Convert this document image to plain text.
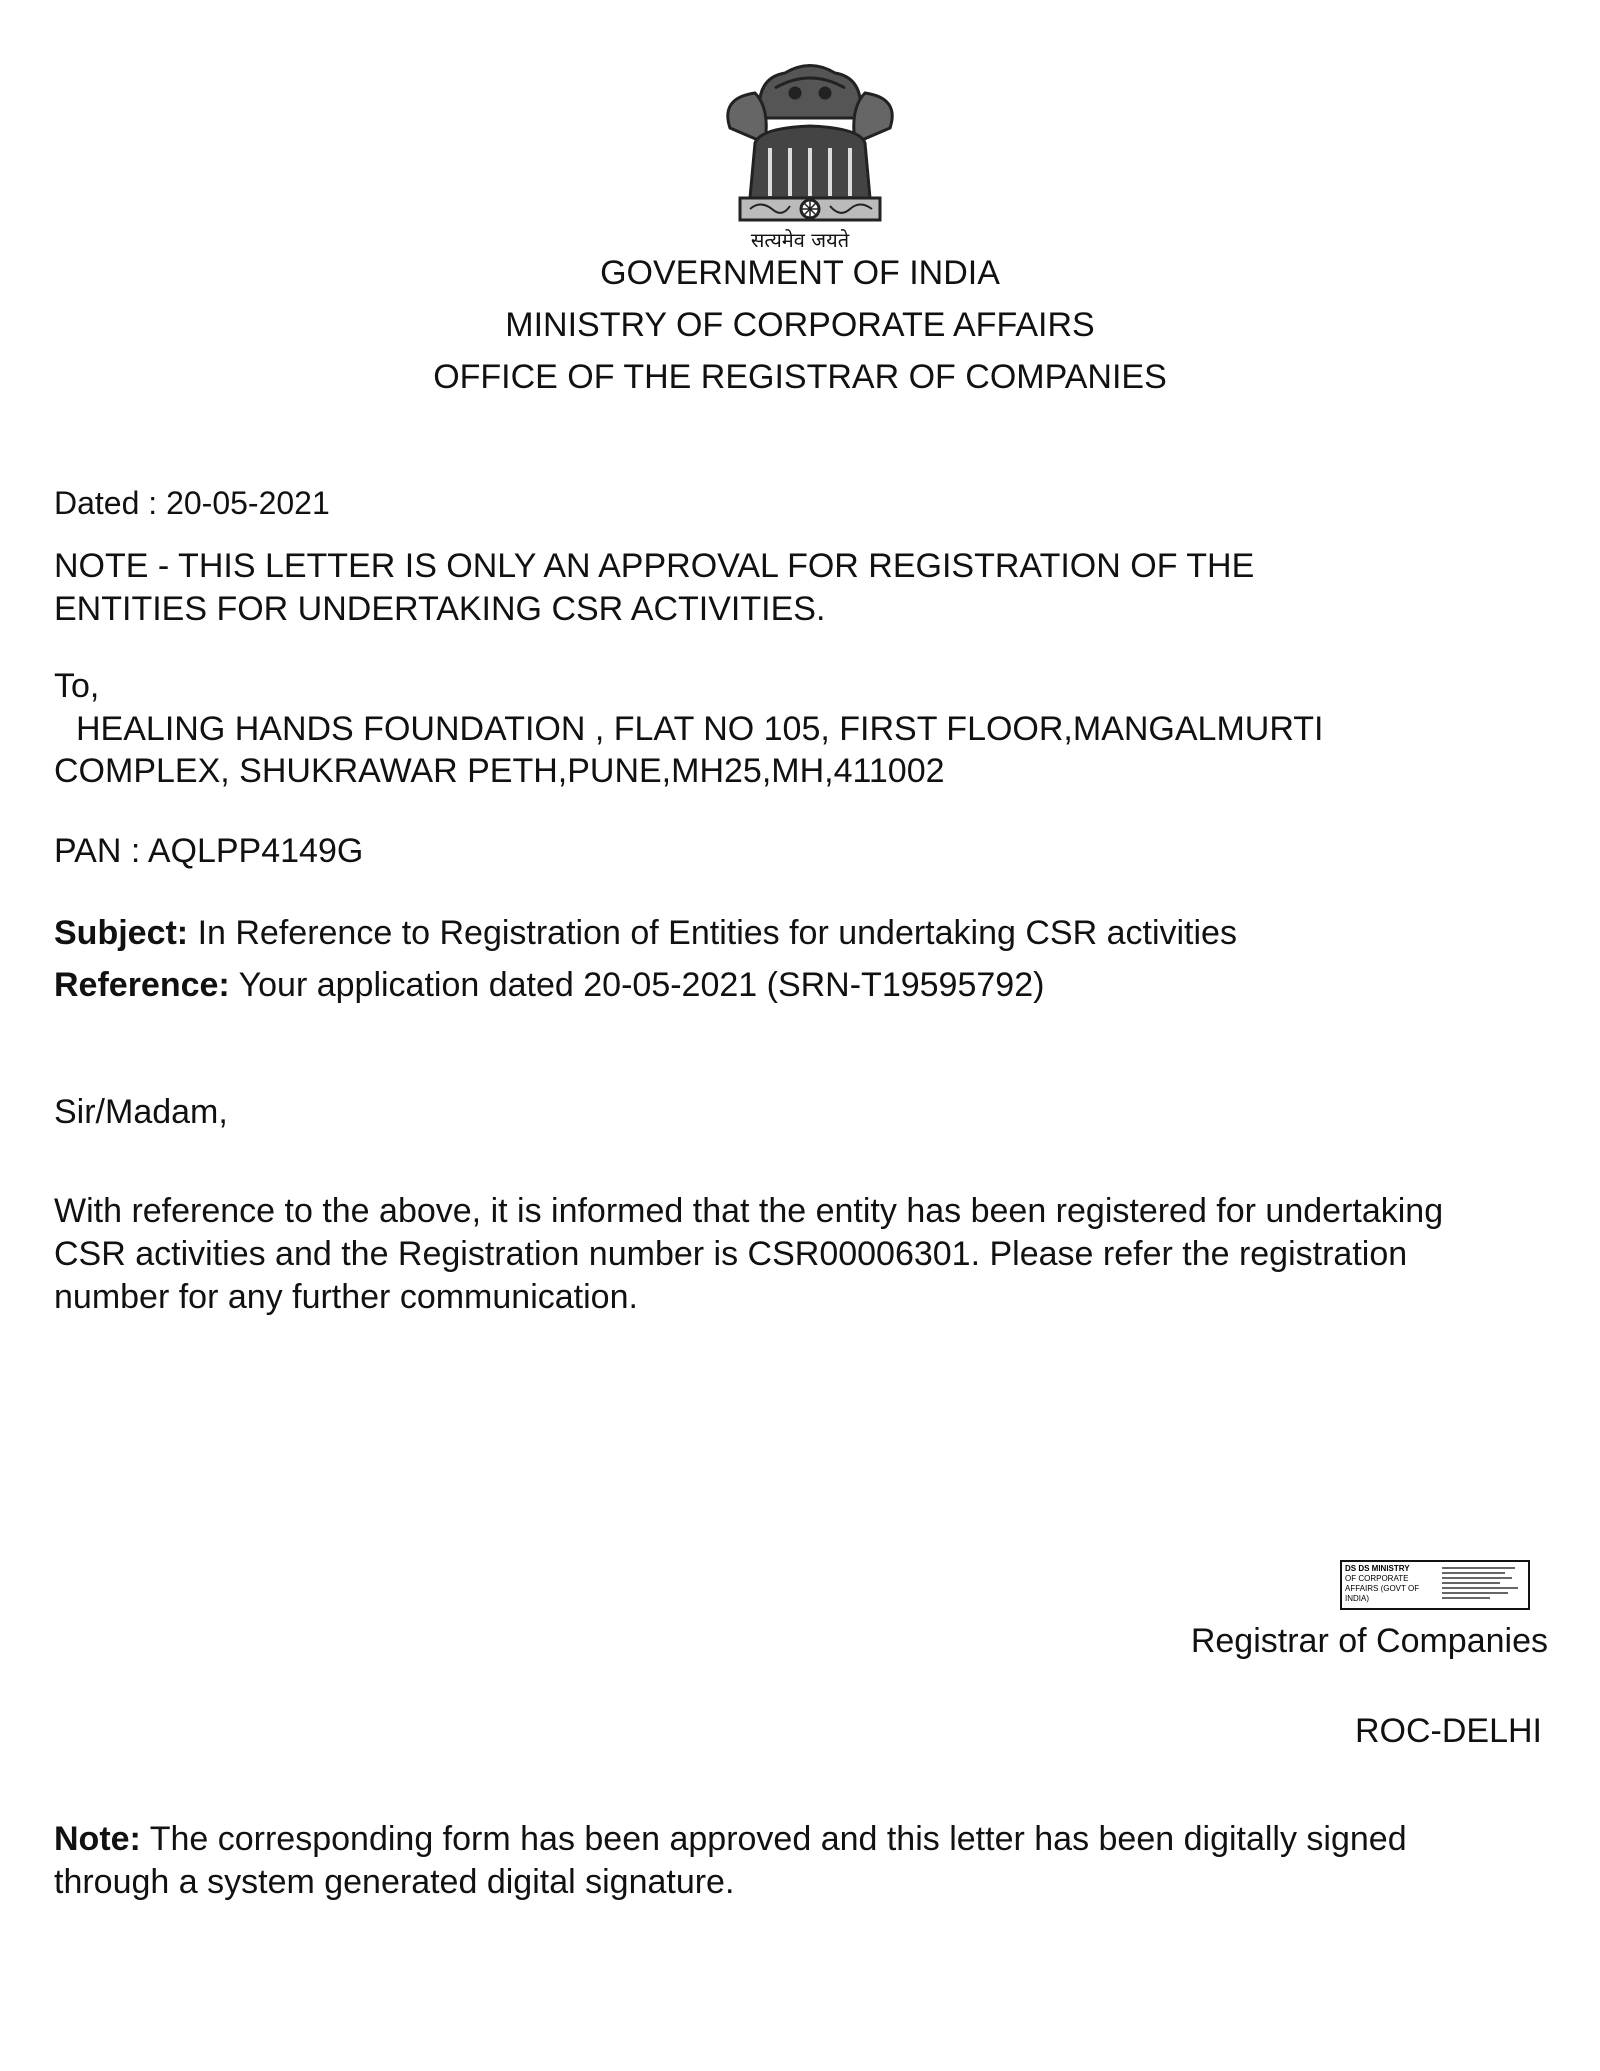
सत्यमेव जयते
GOVERNMENT OF INDIA
MINISTRY OF CORPORATE AFFAIRS
OFFICE OF THE REGISTRAR OF COMPANIES
Dated : 20-05-2021
NOTE - THIS LETTER IS ONLY AN APPROVAL FOR REGISTRATION OF THE
ENTITIES FOR UNDERTAKING CSR ACTIVITIES.
To,
HEALING HANDS FOUNDATION , FLAT NO 105, FIRST FLOOR,MANGALMURTI
COMPLEX, SHUKRAWAR PETH,PUNE,MH25,MH,411002
PAN : AQLPP4149G
Subject: In Reference to Registration of Entities for undertaking CSR activities
Reference: Your application dated 20-05-2021 (SRN-T19595792)
Sir/Madam,
With reference to the above, it is informed that the entity has been registered for undertaking
CSR activities and the Registration number is CSR00006301. Please refer the registration
number for any further communication.
DS DS MINISTRY
OF CORPORATE
AFFAIRS (GOVT OF
INDIA)
Registrar of Companies
ROC-DELHI
Note: The corresponding form has been approved and this letter has been digitally signed
through a system generated digital signature.
